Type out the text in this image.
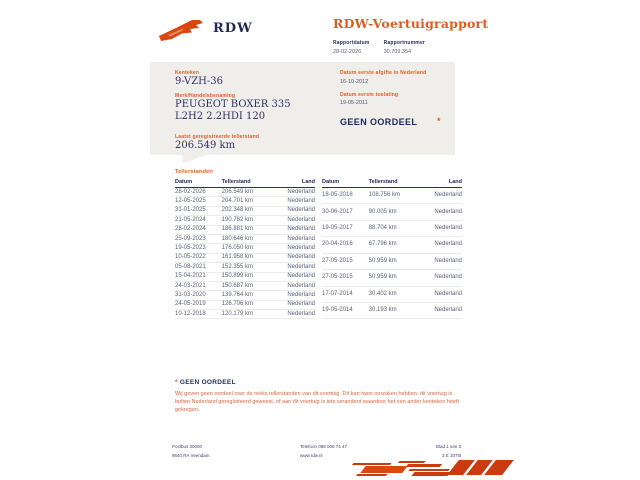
RDW	RDW-Voertuigrapport
Rapportdatum
28-02-2026
Rapportnummer
30.709.354
Kenteken
9-VZH-36
Merk/Handelsbenaming
PEUGEOT BOXER 335
L2H2 2.2HDI 120
Laatst geregistreerde tellerstand
206.549 km
Datum eerste afgifte in Nederland
16-10-2012
Datum eerste toelating
19-05-2011
GEEN OORDEEL	*
Tellerstanden
Datum	Tellerstand	Land
28-02-2026	206.549 km	Nederland
12-05-2025	204.701 km	Nederland
31-01-2025	202.348 km	Nederland
21-05-2024	190.782 km	Nederland
28-02-2024	186.881 km	Nederland
25-09-2023	180.646 km	Nederland
19-05-2023	176.050 km	Nederland
10-05-2022	161.958 km	Nederland
05-08-2021	152.355 km	Nederland
15-04-2021	150.899 km	Nederland
24-03-2021	150.687 km	Nederland
31-03-2020	139.764 km	Nederland
24-05-2019	126.706 km	Nederland
10-12-2018	120.179 km	Nederland
Datum	Tellerstand	Land
18-05-2018	108.756 km	Nederland
30-06-2017	90.005 km	Nederland
19-05-2017	88.704 km	Nederland
20-04-2016	67.796 km	Nederland
27-05-2015	50.959 km	Nederland
27-05-2015	50.959 km	Nederland
17-07-2014	30.402 km	Nederland
19-05-2014	30.193 km	Nederland
* GEEN OORDEEL
Wij geven geen oordeel over de reeks tellerstanden van dit voertuig. Dit kan twee oorzaken hebben: dit voertuig is buiten Nederland geregistreerd geweest, of aan dit voertuig is iets veranderd waardoor het een ander kenteken heeft gekregen.
Postbus 30000
9640 RA Veendam
Telefoon 088 008 74 47
www.rdw.nl
Blad 1 van 3
3 E 1075l
